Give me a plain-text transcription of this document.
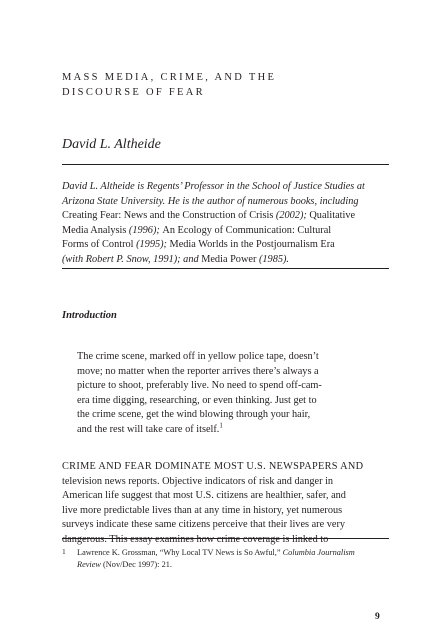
MASS MEDIA, CRIME, AND THE
DISCOURSE OF FEAR
David L. Altheide
David L. Altheide is Regents’ Professor in the School of Justice Studies at
Arizona State University. He is the author of numerous books, including
Creating Fear: News and the Construction of Crisis (2002); Qualitative
Media Analysis (1996); An Ecology of Communication: Cultural
Forms of Control (1995); Media Worlds in the Postjournalism Era
(with Robert P. Snow, 1991); and Media Power (1985).
Introduction
The crime scene, marked off in yellow police tape, doesn’t
move; no matter when the reporter arrives there’s always a
picture to shoot, preferably live. No need to spend off-cam-
era time digging, researching, or even thinking. Just get to
the crime scene, get the wind blowing through your hair,
and the rest will take care of itself.$^1$
CRIME AND FEAR DOMINATE MOST U.S. NEWSPAPERS AND
television news reports. Objective indicators of risk and danger in
American life suggest that most U.S. citizens are healthier, safer, and
live more predictable lives than at any time in history, yet numerous
surveys indicate these same citizens perceive that their lives are very
dangerous. This essay examines how crime coverage is linked to
1 Lawrence K. Grossman, “Why Local TV News is So Awful,” Columbia Journalism
Review (Nov/Dec 1997): 21.
9
